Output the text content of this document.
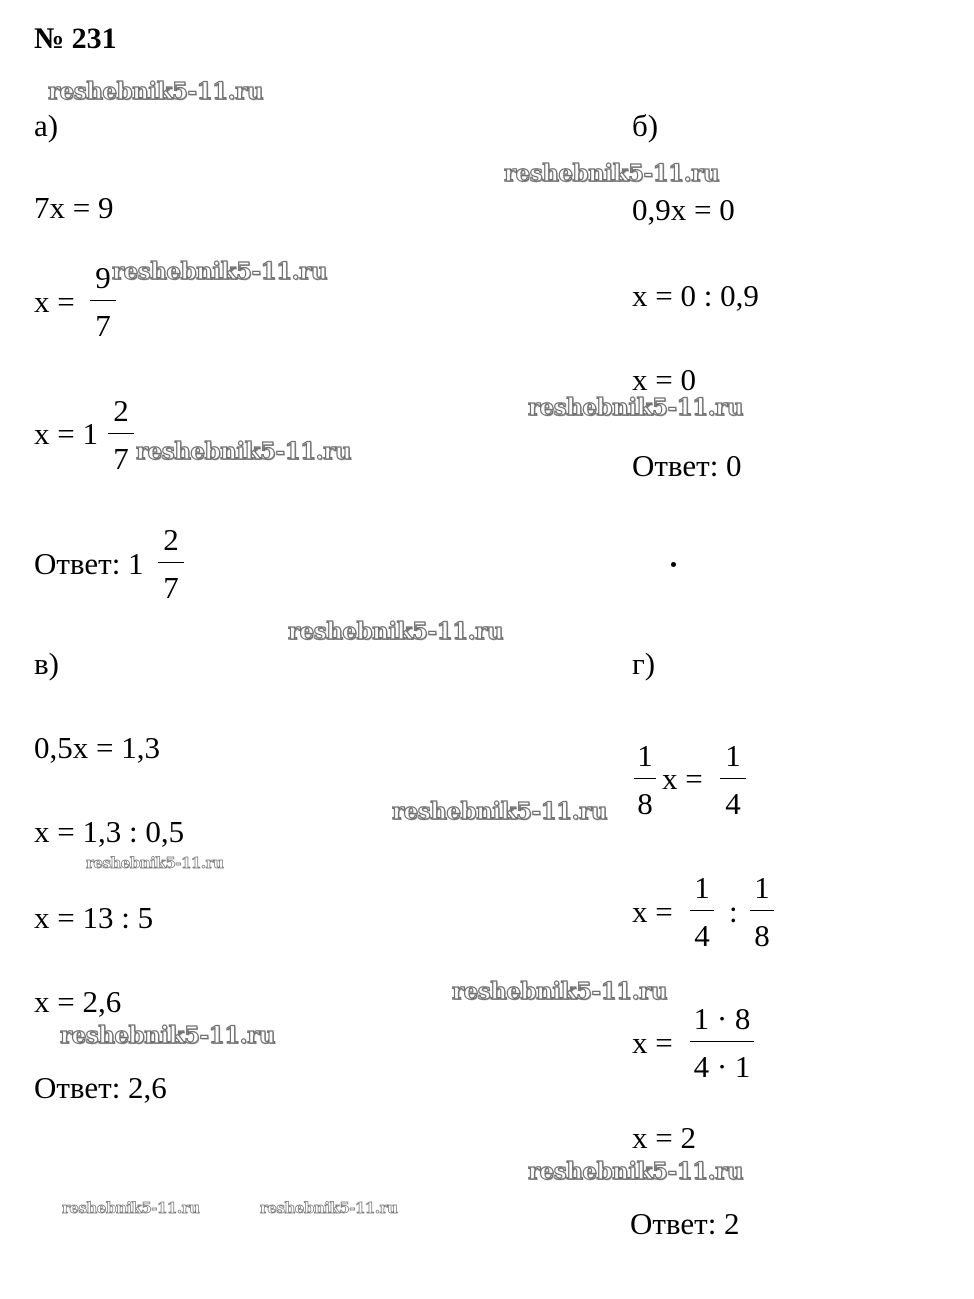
№ 231
reshebnik5-11.ru
reshebnik5-11.ru
reshebnik5-11.ru
reshebnik5-11.ru
reshebnik5-11.ru
reshebnik5-11.ru
reshebnik5-11.ru
reshebnik5-11.ru
reshebnik5-11.ru
reshebnik5-11.ru
reshebnik5-11.ru
reshebnik5-11.ru	reshebnik5-11.ru
а)
7x = 9
x =
9
7
x = 1
2
7
Ответ: 1
2
7
б)
0,9x = 0
x = 0 : 0,9
x = 0
Ответ: 0
в)
0,5x = 1,3
x = 1,3 : 0,5
x = 13 : 5
x = 2,6
Ответ: 2,6
г)
1
8
x =
1
4
x =
1
4
:
1
8
x =
1 · 8
4 · 1
x = 2
Ответ: 2
